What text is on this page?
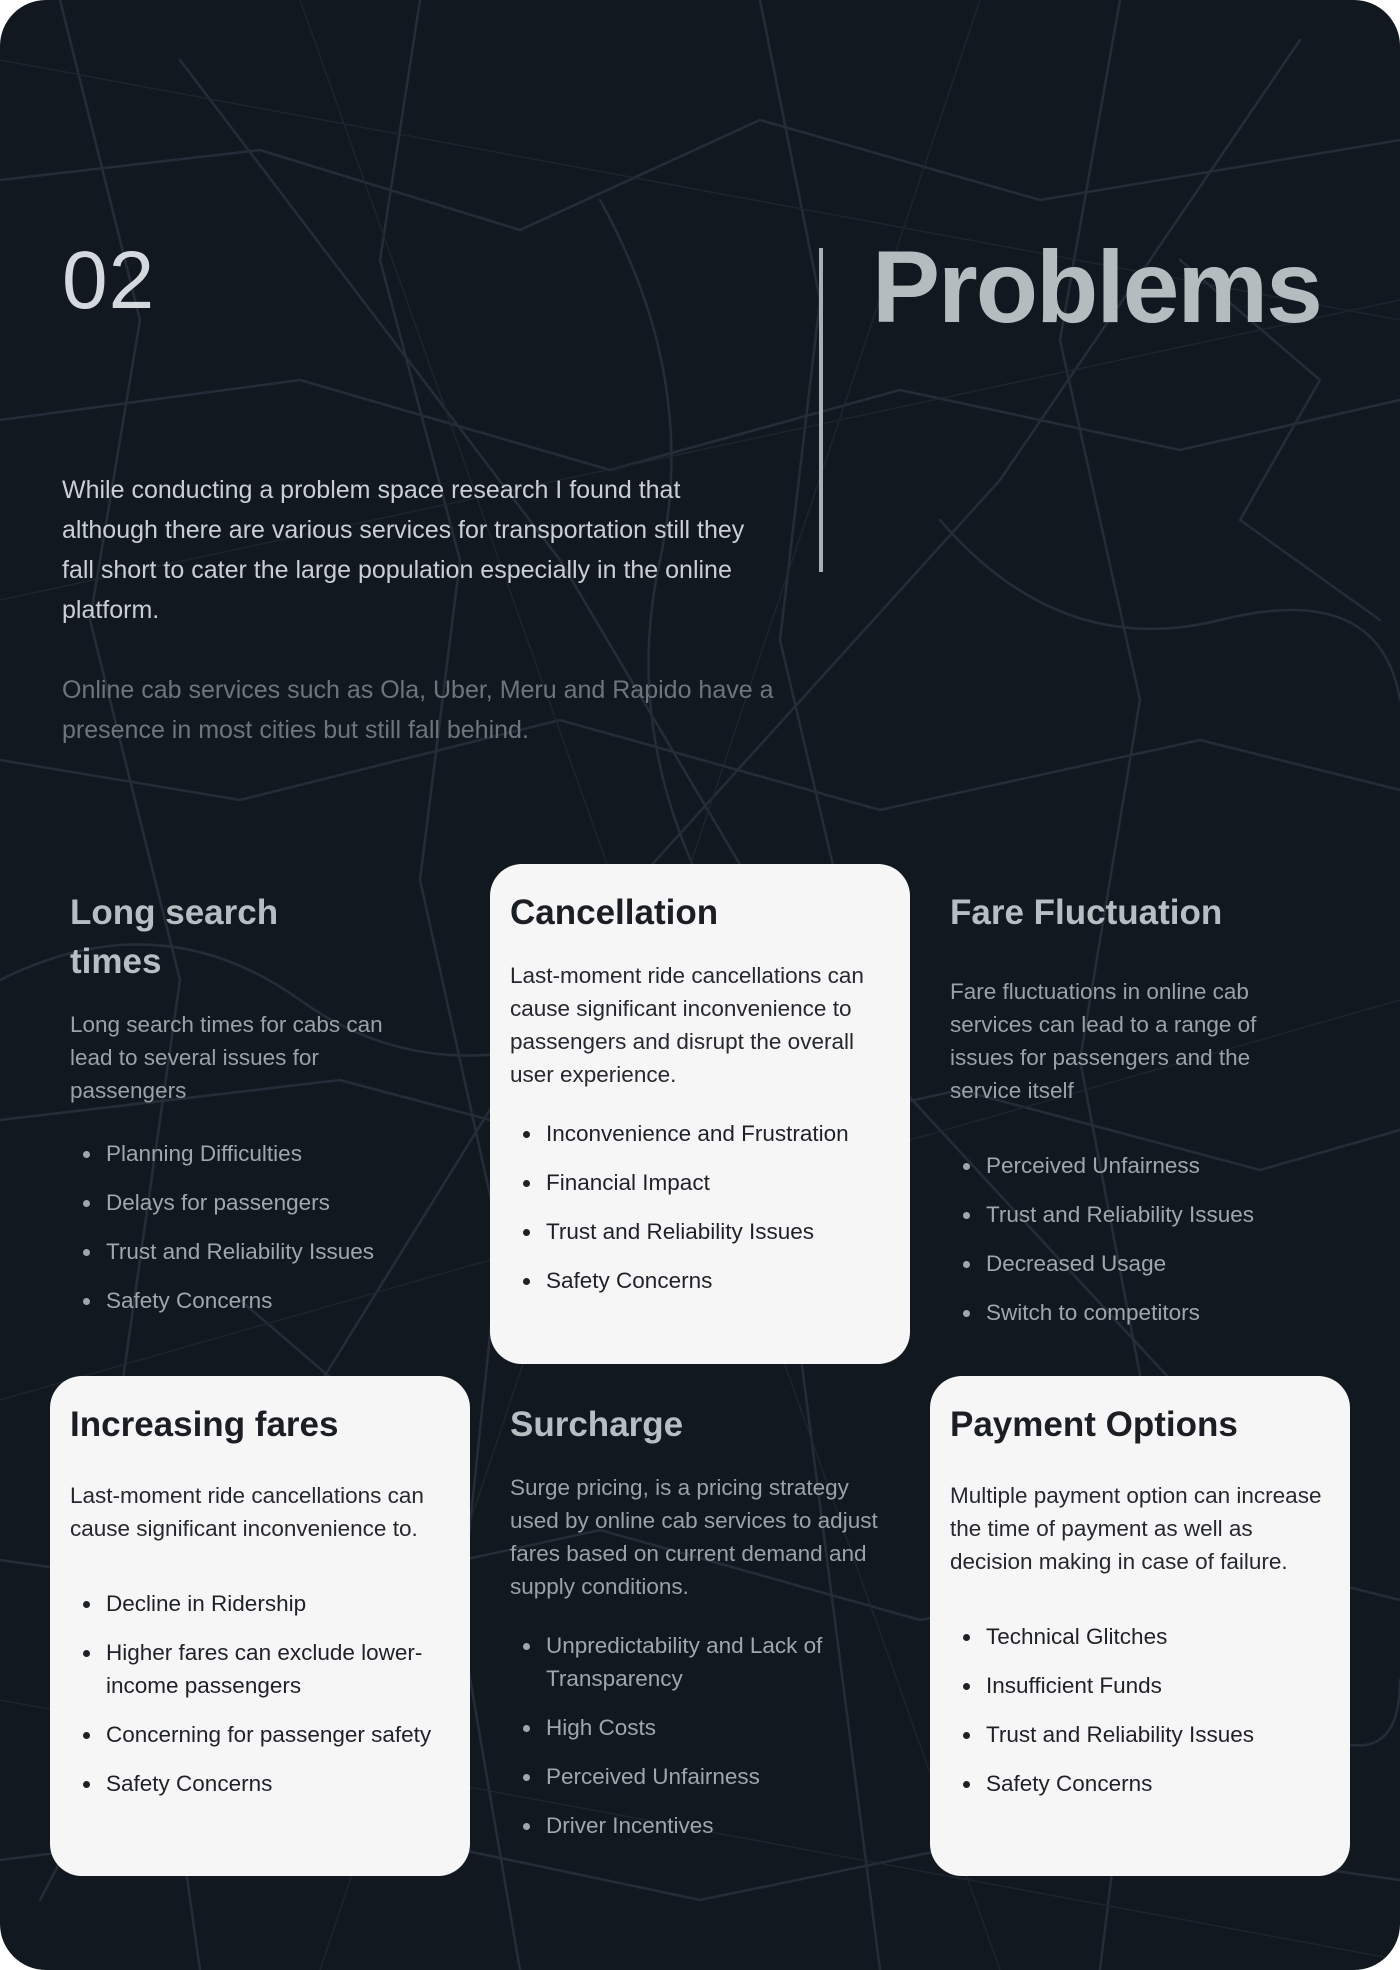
02	Problems

While conducting a problem space research I found that although there are various services for transportation still they fall short to cater the large population especially in the online platform.

Online cab services such as Ola, Uber, Meru and Rapido have a presence in most cities but still fall behind.

Long search times

Long search times for cabs can lead to several issues for passengers

Planning Difficulties
Delays for passengers
Trust and Reliability Issues
Safety Concerns
Cancellation

Last-moment ride cancellations can cause significant inconvenience to passengers and disrupt the overall user experience.

Inconvenience and Frustration
Financial Impact
Trust and Reliability Issues
Safety Concerns
Fare Fluctuation

Fare fluctuations in online cab services can lead to a range of issues for passengers and the service itself

Perceived Unfairness
Trust and Reliability Issues
Decreased Usage
Switch to competitors
Increasing fares

Last-moment ride cancellations can cause significant inconvenience to.

Decline in Ridership
Higher fares can exclude lower-income passengers
Concerning for passenger safety
Safety Concerns
Surcharge

Surge pricing, is a pricing strategy used by online cab services to adjust fares based on current demand and supply conditions.

Unpredictability and Lack of Transparency
High Costs
Perceived Unfairness
Driver Incentives
Payment Options

Multiple payment option can increase the time of payment as well as decision making in case of failure.

Technical Glitches
Insufficient Funds
Trust and Reliability Issues
Safety Concerns
